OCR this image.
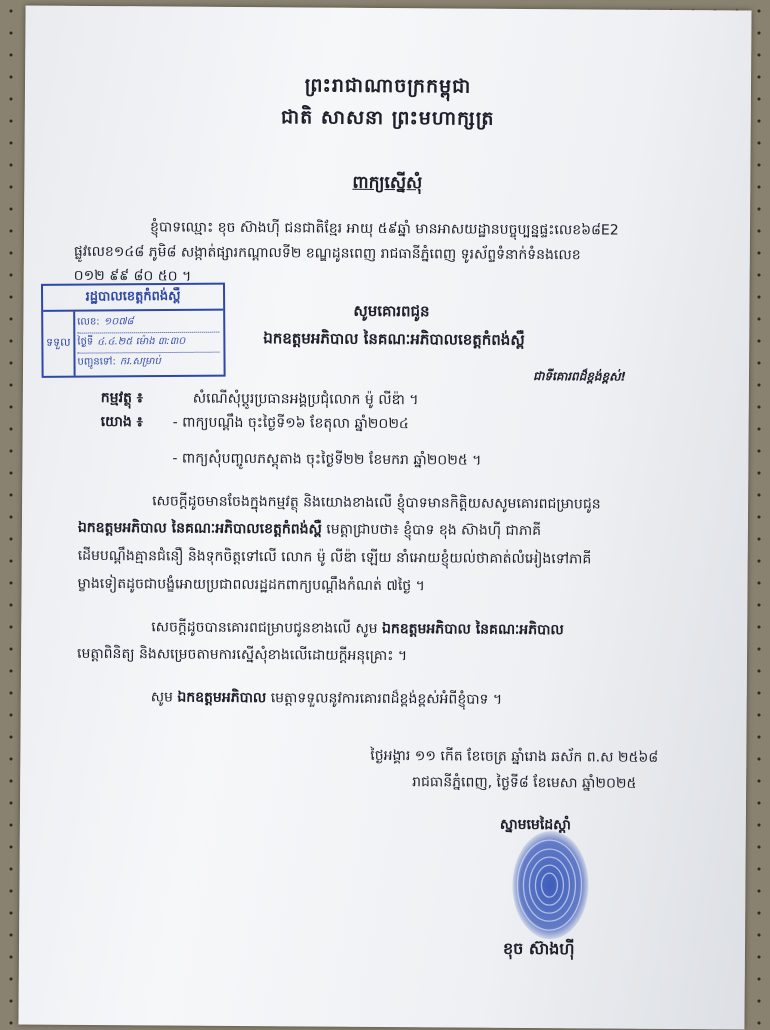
ព្រះរាជាណាចក្រកម្ពុជា
ជាតិ សាសនា ព្រះមហាក្សត្រ
ពាក្យស្នើសុំ
ខ្ញុំបាទឈ្មោះ ខុច ស៊ាងហ៊ី ជនជាតិខ្មែរ អាយុ ៥៩ឆ្នាំ មានអាសយដ្ឋានបច្ចុប្បន្នផ្ទះលេខ៦៨E2
ផ្លូវលេខ១៤៨ ភូមិ៨ សង្កាត់ផ្សារកណ្តាលទី២ ខណ្ឌដូនពេញ រាជធានីភ្នំពេញ ទូរស័ព្ទទំនាក់ទំនងលេខ
០១២ ៩៩ ៨០ ៥០ ។
រដ្ឋបាលខេត្តកំពង់ស្ពឺ
ទទួល
លេខ: ១០៧៨
ថ្ងៃទី ៤.៤.២៥ ម៉ោង ៣:៣០
បញ្ជូនទៅ: ករ.សម្រាប់
សូមគោរពជូន
ឯកឧត្តមអភិបាល នៃគណៈអភិបាលខេត្តកំពង់ស្ពឺ
ជាទីគោរពដ៏ខ្ពង់ខ្ពស់!
កម្មវត្ថុ ៖	សំណើសុំប្តូរប្រធានអង្គប្រជុំលោក ម៉ូ លីឌ៉ា ។
យោង ៖ - ពាក្យបណ្តឹង ចុះថ្ងៃទី១៦ ខែតុលា ឆ្នាំ២០២៤
- ពាក្យសុំបញ្ចូលភស្តុតាង ចុះថ្ងៃទី២២ ខែមករា ឆ្នាំ២០២៥ ។
សេចក្តីដូចមានចែងក្នុងកម្មវត្ថុ និងយោងខាងលើ ខ្ញុំបាទមានកិត្តិយសសូមគោរពជម្រាបជូន
ឯកឧត្តមអភិបាល នៃគណៈអភិបាលខេត្តកំពង់ស្ពឺ មេត្តាជ្រាបថា៖ ខ្ញុំបាទ ខុង ស៊ាងហ៊ី ជាភាគី
ដើមបណ្តឹងគ្មានជំនឿ និងទុកចិត្តទៅលើ លោក ម៉ូ លីឌ៉ា ឡើយ នាំអោយខ្ញុំយល់ថាគាត់លំអៀងទៅភាគី
ម្ខាងទៀតដូចជាបង្ខំអោយប្រជាពលរដ្ឋដកពាក្យបណ្តឹងកំណត់ ៧ថ្ងៃ ។
សេចក្តីដូចបានគោរពជម្រាបជូនខាងលើ សូម ឯកឧត្តមអភិបាល នៃគណៈអភិបាល
មេត្តាពិនិត្យ និងសម្រេចតាមការស្នើសុំខាងលើដោយក្តីអនុគ្រោះ ។
សូម ឯកឧត្តមអភិបាល មេត្តាទទួលនូវការគោរពដ៏ខ្ពង់ខ្ពស់អំពីខ្ញុំបាទ ។
ថ្ងៃអង្គារ ១១ កើត ខែចេត្រ ឆ្នាំរោង ឆស័ក ព.ស ២៥៦៨
រាជធានីភ្នំពេញ, ថ្ងៃទី៨ ខែមេសា ឆ្នាំ២០២៥
ស្នាមមេដៃស្តាំ
ខុច ស៊ាងហ៊ី
